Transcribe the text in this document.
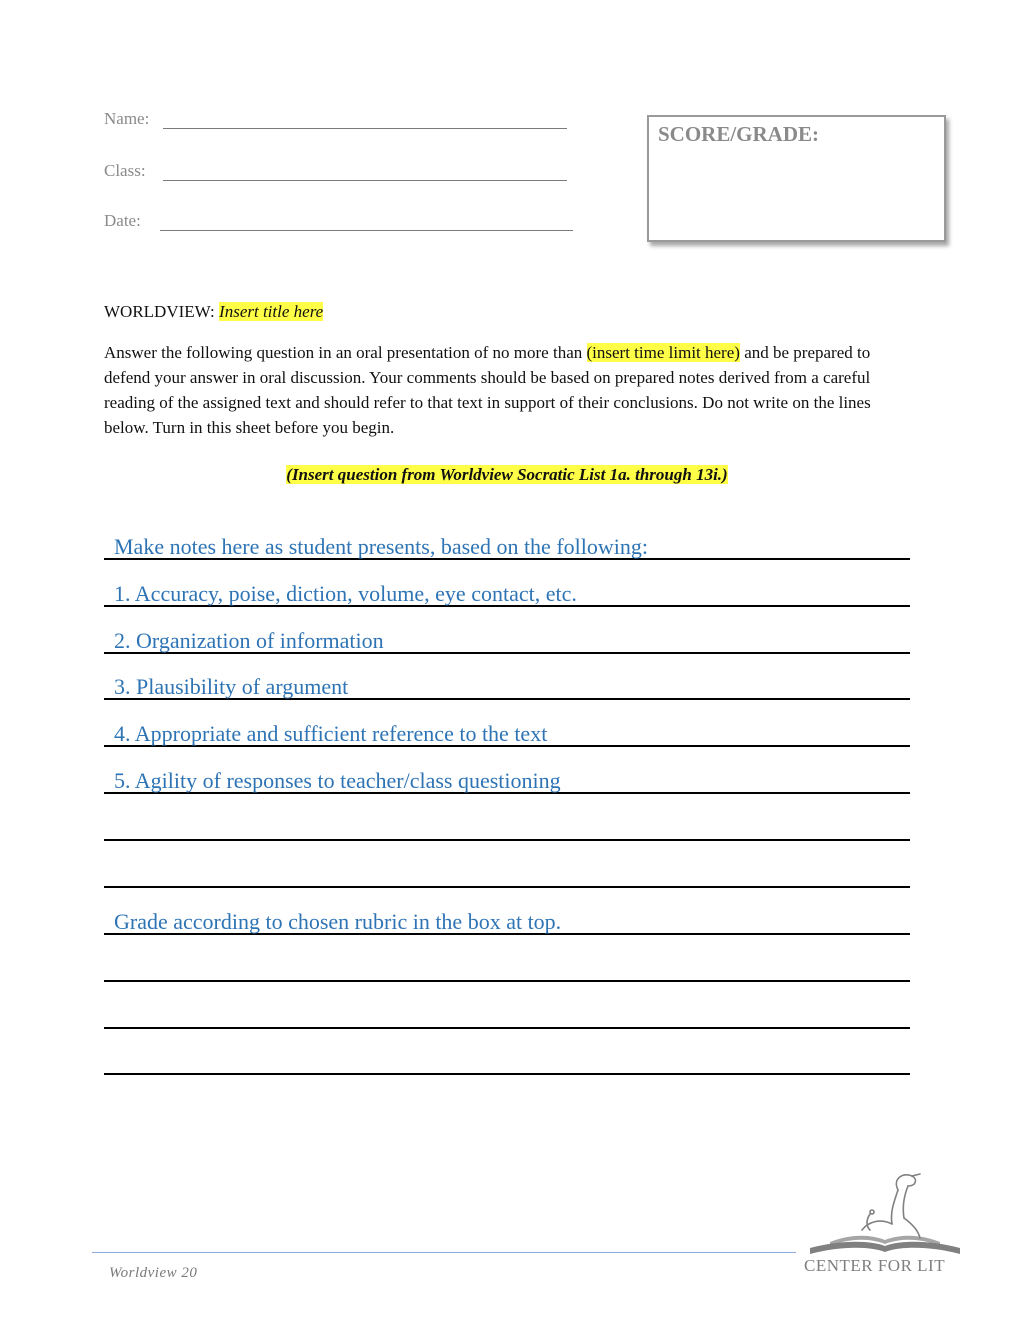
Name:
Class:
Date:
SCORE/GRADE:
WORLDVIEW: Insert title here

Answer the following question in an oral presentation of no more than (insert time limit here) and be prepared to defend your answer in oral discussion. Your comments should be based on prepared notes derived from a careful reading of the assigned text and should refer to that text in support of their conclusions. Do not write on the lines below. Turn in this sheet before you begin.

(Insert question from Worldview Socratic List 1a. through 13i.)
Make notes here as student presents, based on the following:
1. Accuracy, poise, diction, volume, eye contact, etc.
2. Organization of information
3. Plausibility of argument
4. Appropriate and sufficient reference to the text
5. Agility of responses to teacher/class questioning
Grade according to chosen rubric in the box at top.
Worldview 20	CENTER FOR LIT
